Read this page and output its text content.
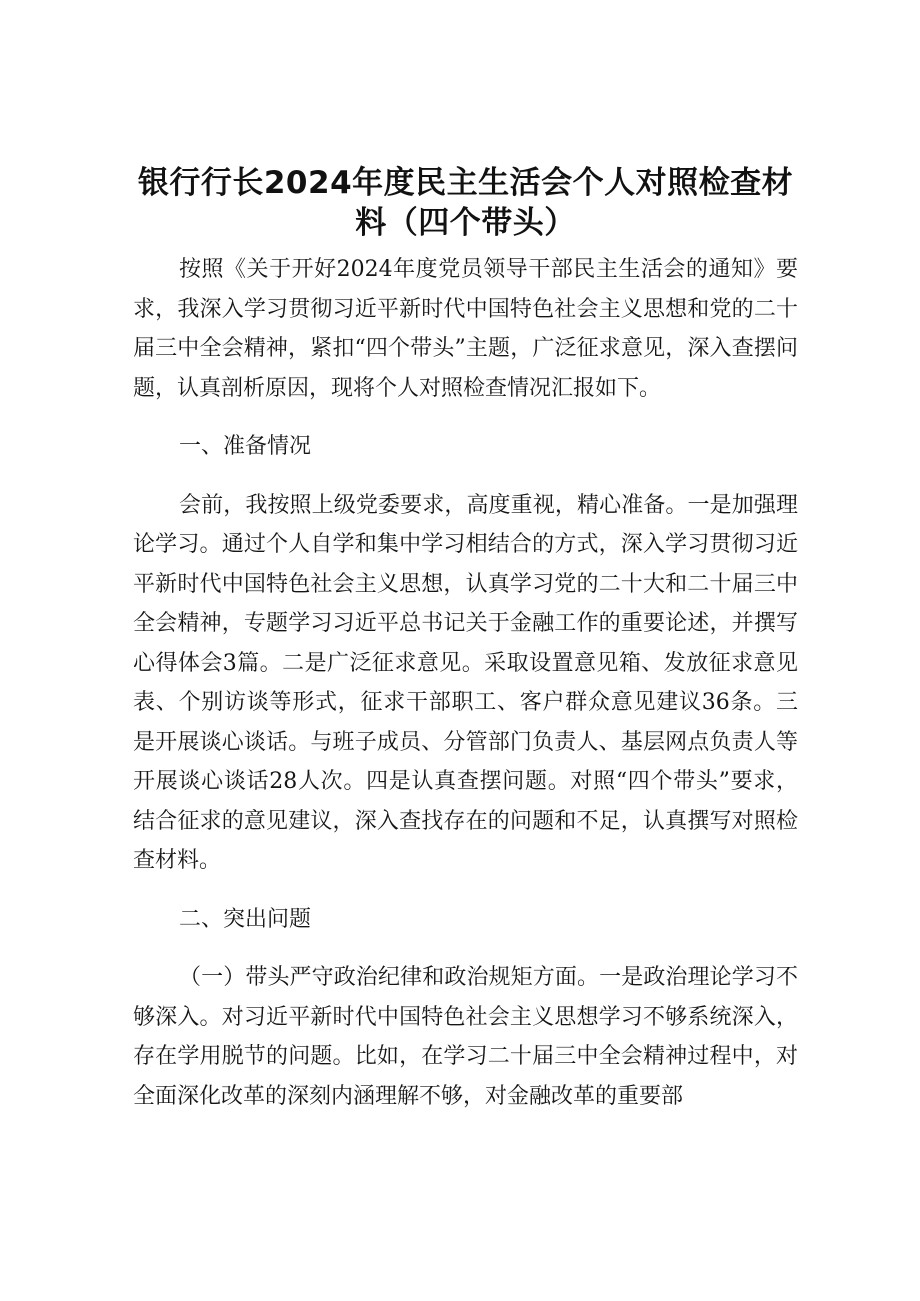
银行行长2024年度民主生活会个人对照检查材料（四个带头）

按照《关于开好2024年度党员领导干部民主生活会的通知》要求，我深入学习贯彻习近平新时代中国特色社会主义思想和党的二十届三中全会精神，紧扣“四个带头”主题，广泛征求意见，深入查摆问题，认真剖析原因，现将个人对照检查情况汇报如下。

一、准备情况

会前，我按照上级党委要求，高度重视，精心准备。一是加强理论学习。通过个人自学和集中学习相结合的方式，深入学习贯彻习近平新时代中国特色社会主义思想，认真学习党的二十大和二十届三中全会精神，专题学习习近平总书记关于金融工作的重要论述，并撰写心得体会3篇。二是广泛征求意见。采取设置意见箱、发放征求意见表、个别访谈等形式，征求干部职工、客户群众意见建议36条。三是开展谈心谈话。与班子成员、分管部门负责人、基层网点负责人等开展谈心谈话28人次。四是认真查摆问题。对照“四个带头”要求，结合征求的意见建议，深入查找存在的问题和不足，认真撰写对照检查材料。

二、突出问题

（一）带头严守政治纪律和政治规矩方面。一是政治理论学习不够深入。对习近平新时代中国特色社会主义思想学习不够系统深入，存在学用脱节的问题。比如，在学习二十届三中全会精神过程中，对全面深化改革的深刻内涵理解不够，对金融改革的重要部
